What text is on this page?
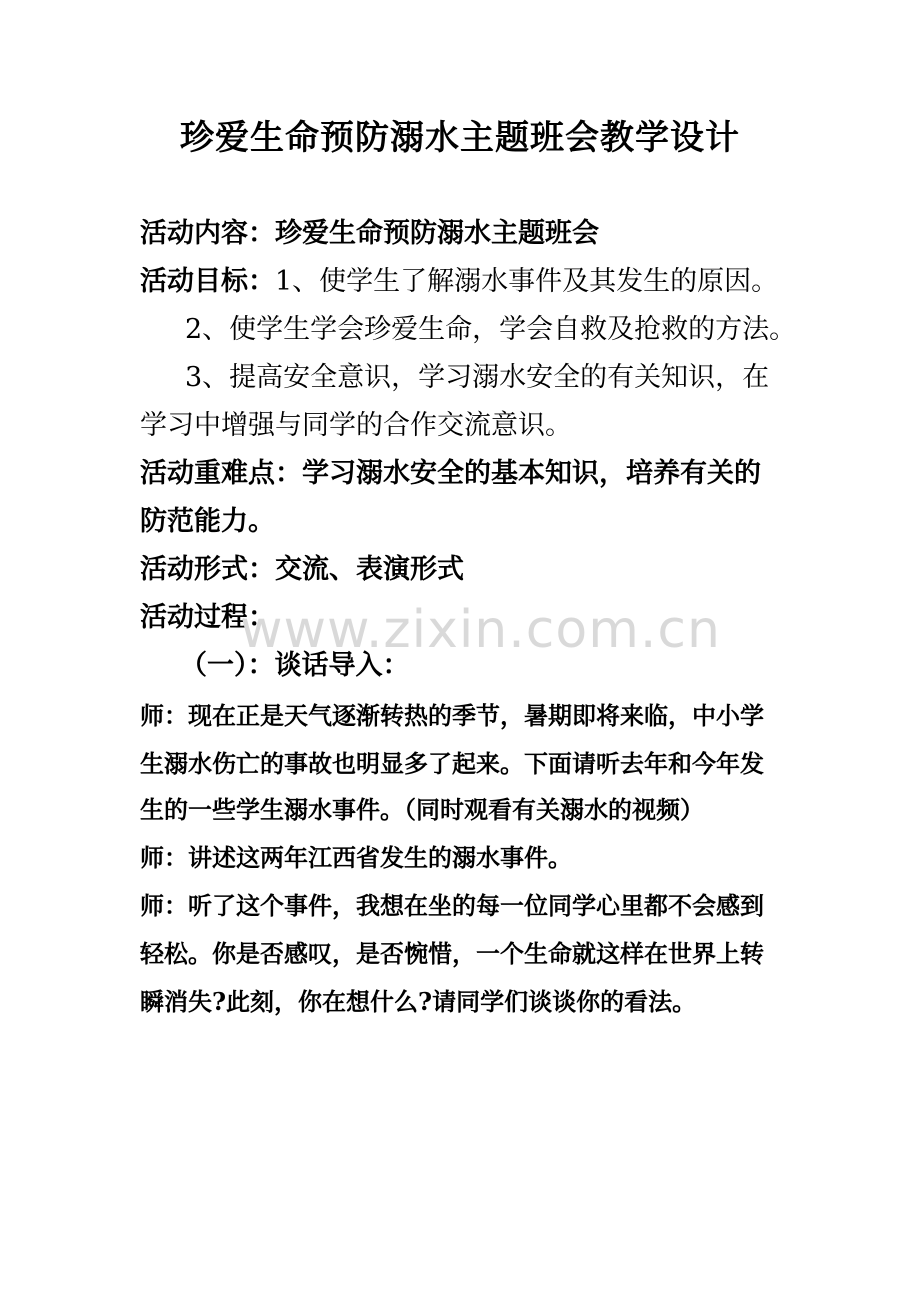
珍爱生命预防溺水主题班会教学设计
活动内容：珍爱生命预防溺水主题班会
活动目标：1、使学生了解溺水事件及其发生的原因。
2、使学生学会珍爱生命，学会自救及抢救的方法。
3、提高安全意识，学习溺水安全的有关知识，在
学习中增强与同学的合作交流意识。
活动重难点：学习溺水安全的基本知识，培养有关的
防范能力。
活动形式：交流、表演形式
活动过程：
（一）：谈话导入：
师：现在正是天气逐渐转热的季节，暑期即将来临，中小学
生溺水伤亡的事故也明显多了起来。下面请听去年和今年发
生的一些学生溺水事件。（同时观看有关溺水的视频）
师：讲述这两年江西省发生的溺水事件。
师：听了这个事件，我想在坐的每一位同学心里都不会感到
轻松。你是否感叹，是否惋惜，一个生命就这样在世界上转
瞬消失?此刻，你在想什么?请同学们谈谈你的看法。
www.zixin.com.cn
